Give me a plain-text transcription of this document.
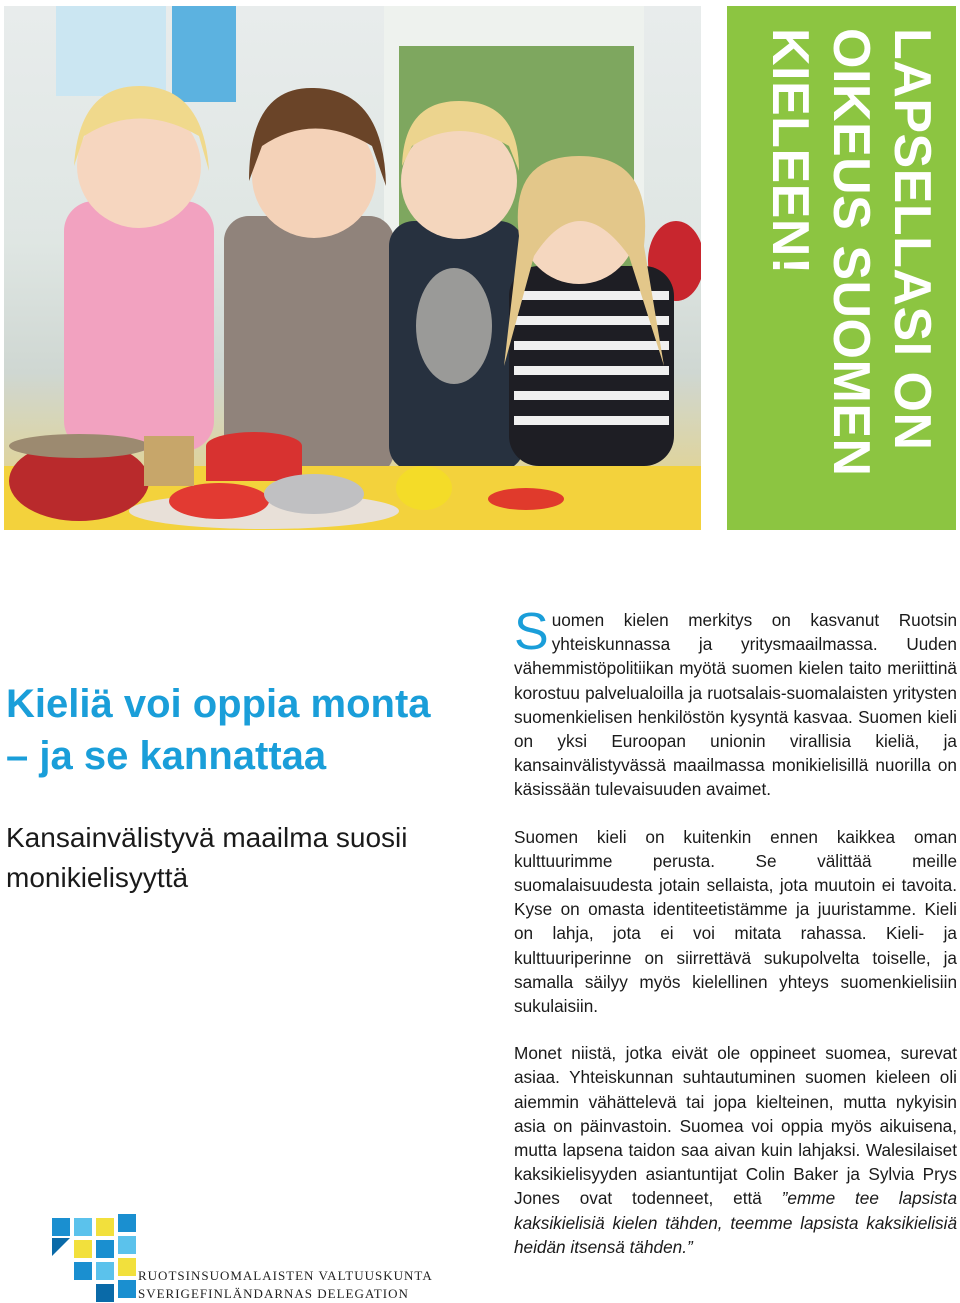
LAPSELLASI ON
OIKEUS SUOMEN
KIELEEN!
Kieliä voi oppia monta
– ja se kannattaa
Kansainvälistyvä maailma suosii
monikielisyyttä

Suomen kielen merkitys on kasvanut Ruotsin yhteiskunnassa ja yritysmaailmassa. Uuden vähemmistöpolitiikan myötä suomen kielen taito meriittinä korostuu palvelualoilla ja ruotsalais-suomalaisten yritysten suomenkielisen henkilöstön kysyntä kasvaa. Suomen kieli on yksi Euroopan unionin virallisia kieliä, ja kansainvälistyvässä maailmassa monikielisillä nuorilla on käsissään tulevaisuuden avaimet.

Suomen kieli on kuitenkin ennen kaikkea oman kulttuurimme perusta. Se välittää meille suomalaisuudesta jotain sellaista, jota muutoin ei tavoita. Kyse on omasta identiteetistämme ja juuristamme. Kieli on lahja, jota ei voi mitata rahassa. Kieli- ja kulttuuriperinne on siirrettävä sukupolvelta toiselle, ja samalla säilyy myös kielellinen yhteys suomenkielisiin sukulaisiin.

Monet niistä, jotka eivät ole oppineet suomea, surevat asiaa. Yhteiskunnan suhtautuminen suomen kieleen oli aiemmin vähättelevä tai jopa kielteinen, mutta nykyisin asia on päinvastoin. Suomea voi oppia myös aikuisena, mutta lapsena taidon saa aivan kuin lahjaksi. Walesilaiset kaksikielisyyden asiantuntijat Colin Baker ja Sylvia Prys Jones ovat todenneet, että ”emme tee lapsista kaksikielisiä kielen tähden, teemme lapsista kaksikielisiä heidän itsensä tähden.”

RUOTSINSUOMALAISTEN VALTUUSKUNTA
SVERIGEFINLÄNDARNAS DELEGATION
